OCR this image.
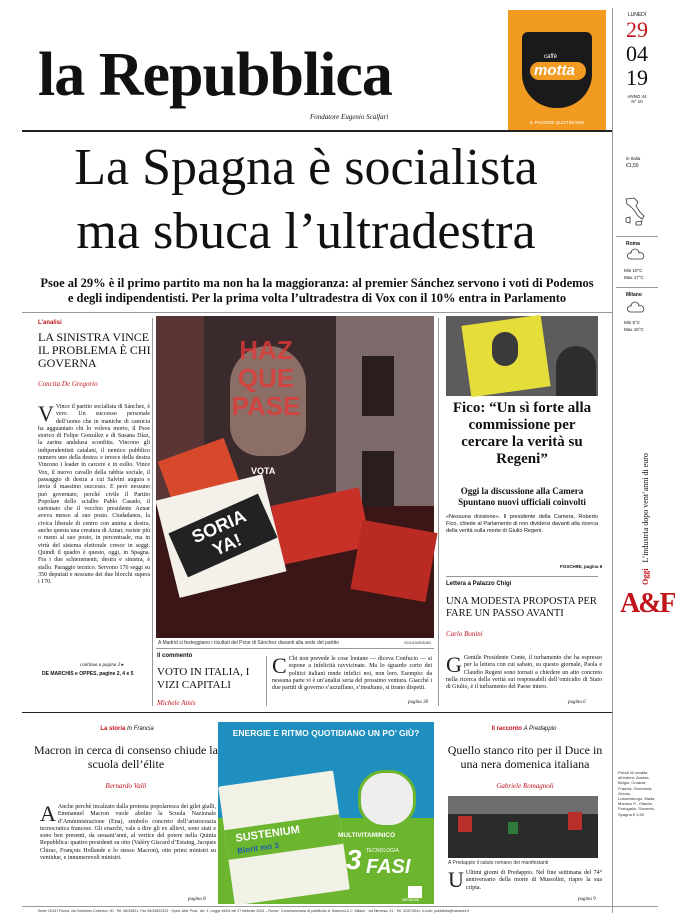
la Repubblica
Fondatore Eugenio Scalfari
caffè
motta
IL PIACERE QUOTIDIANO
LUNEDÌ
29
04
19
ANNO 44
N° 10
in Italia
€1,50
Roma
Min 10°C
Max 17°C
Milano
Min 5°C
Max 15°C
Oggi L’industria dopo vent’anni di euro
A&F
Prezzi di vendita all’estero: Austria, Belgio, Croazia, Francia, Germania, Grecia, Lussemburgo, Malta, Monaco P., Olanda, Portogallo, Slovenia, Spagna € 3,00
La Spagna è socialista
ma sbuca l’ultradestra
Psoe al 29% è il primo partito ma non ha la maggioranza: al premier Sánchez servono i voti di Podemos
e degli indipendentisti. Per la prima volta l’ultradestra di Vox con il 10% entra in Parlamento
L’analisi
LA SINISTRA VINCE IL PROBLEMA È CHI GOVERNA
Concita De Gregorio
V Vince il partito socialista di Sánchez, è vero. Un successo personale dell’uomo che in maniche di camicia ha agguantato chi lo voleva morto, il Psoe storico di Felipe González e di Susana Díaz, la zarina andalusa sconfitta. Vincono gli indipendentisti catalani, il nemico pubblico numero uno della destra: e invece della destra Vincono i leader in carcere e in esilio. Vince Vox, il nuovo cavallo della rabbia sociale, il passaggio di destra a cui Salvini augura e invia il massimo successo. E però nessuno può governare, perché civile il Partito Popolare dello scialbo Pablo Casado, il cartonato che il vecchio presidente Aznar aveva messo al suo posto. Ciudadanos, la civica liberale di centro con anima a destra, anche questa una creatura di Aznar, resiste più o meno al suo posto, in percentuale, ma in virtù del sistema elettorale cresce in seggi. Quindi il quadro è questo, oggi, in Spagna. Fra i due schieramenti, destra e sinistra, è stallo. Paraggio tecnico. Servono 176 seggi su 350 deputati e nessuno dei due blocchi supera i 170.
continua a pagina 3 ▸
DE MARCHIS e OPPES, pagine 2, 4 e 5
HAZ QUE PASE
VOTA
SORIA YA!
A Madrid si festeggiano i risultati del Psoe di Sánchez davanti alla sede del partito	SOLIDARIDAD
Fico: “Un sì forte alla commissione per cercare la verità su Regeni”
Oggi la discussione alla Camera Spuntano nuovi ufficiali coinvolti
«Nessuna divisione». Il presidente della Camera, Roberto Fico, chiede al Parlamento di non dividersi davanti alla ricerca della verità sulla morte di Giulio Regeni.
FOSCHINI, pagina 6
Lettera a Palazzo Chigi
UNA MODESTA PROPOSTA PER FARE UN PASSO AVANTI
Carlo Bonini
G Gentile Presidente Conte, il turbamento che ha espresso per la lettera con cui sabato, su questo giornale, Paola e Claudio Regeni sono tornati a chiedere un atto concreto nella ricerca della verità sui responsabili dell’omicidio di Stato di Giulio, è il turbamento del Paese intero.
pagina 6
Il commento
VOTO IN ITALIA, I VIZI CAPITALI
Michele Ainis
C Chi non prevede le cose lontane — diceva Confucio — si espone a infelicità ravvicinate. Ma lo sguardo corto dei politici italiani rende infelici noi, non loro. Esempio: da nessuna parte vi è un’analisi seria del prossimo ventura. Giacché i due partiti di governo s’azzuffano, s’insultano, si tirano dispetti.
pagina 30
La storia In Francia
Macron in cerca di consenso chiude la scuola dell’élite
Bernardo Valli
A Anche perché incalzato dalla protesta popolaresca dei gilet gialli, Emmanuel Macron vuole abolire la Scuola Nazionale d’Amministrazione (Ena), simbolo concreto dell’aristocrazia tecnocratica francese. Gli enarchi, vale a dire gli ex allievi, sono stati e sono ben presenti, da sessant’anni, al vertice del potere nella Quinta Repubblica: quattro presidenti su otto (Valéry Giscard d’Estaing, Jacques Chirac, François Hollande e lo stesso Macron), otto primi ministri su ventidue, e innumerevoli ministri.
pagina 8
ENERGIE E RITMO QUOTIDIANO UN PO’ GIÙ?
SUSTENIUM
Biorit mo 3
MULTIVITAMINICO
3 TECNOLOGIA
FASI
MENARINI
Il racconto A Predappio
Quello stanco rito per il Duce in una nera domenica italiana
Gabriele Romagnoli
A Predappio il saluto romano dei manifestanti
U Ultimi giorni di Predappio. Nel fine settimana del 74° anniversario della morte di Mussolini, riapre la sua cripta.
pagina 9
Sede: 00147 Roma, via Cristoforo Colombo, 90 · Tel. 06/49821, Fax 06/49822923 · Sped. Abb. Post., Art. 1, Legge 46/04 del 27 febbraio 2004 – Roma · Concessionaria di pubblicità: A. Manzoni & C. Milano · via Nervesa, 21 · Tel. 02/574941, e-mail: pubblicita@manzoni.it
